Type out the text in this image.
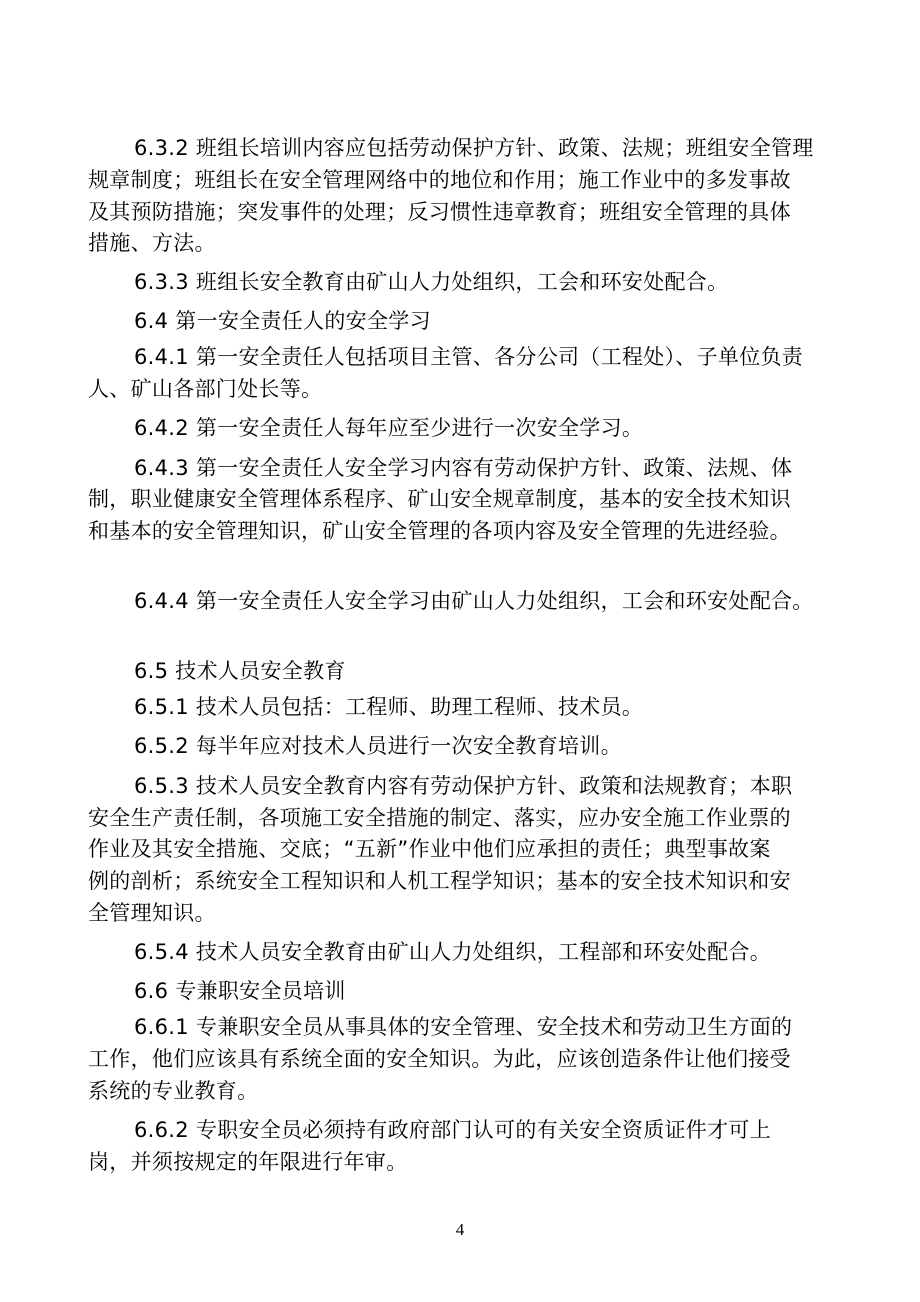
6.3.2 班组长培训内容应包括劳动保护方针、政策、法规；班组安全管理
规章制度；班组长在安全管理网络中的地位和作用；施工作业中的多发事故
及其预防措施；突发事件的处理；反习惯性违章教育；班组安全管理的具体
措施、方法。
6.3.3 班组长安全教育由矿山人力处组织，工会和环安处配合。
6.4 第一安全责任人的安全学习
6.4.1 第一安全责任人包括项目主管、各分公司（工程处）、子单位负责
人、矿山各部门处长等。
6.4.2 第一安全责任人每年应至少进行一次安全学习。
6.4.3 第一安全责任人安全学习内容有劳动保护方针、政策、法规、体
制，职业健康安全管理体系程序、矿山安全规章制度，基本的安全技术知识
和基本的安全管理知识，矿山安全管理的各项内容及安全管理的先进经验。
6.4.4 第一安全责任人安全学习由矿山人力处组织，工会和环安处配合。
6.5 技术人员安全教育
6.5.1 技术人员包括：工程师、助理工程师、技术员。
6.5.2 每半年应对技术人员进行一次安全教育培训。
6.5.3 技术人员安全教育内容有劳动保护方针、政策和法规教育；本职
安全生产责任制，各项施工安全措施的制定、落实，应办安全施工作业票的
作业及其安全措施、交底；“五新”作业中他们应承担的责任；典型事故案
例的剖析；系统安全工程知识和人机工程学知识；基本的安全技术知识和安
全管理知识。
6.5.4 技术人员安全教育由矿山人力处组织，工程部和环安处配合。
6.6 专兼职安全员培训
6.6.1 专兼职安全员从事具体的安全管理、安全技术和劳动卫生方面的
工作，他们应该具有系统全面的安全知识。为此，应该创造条件让他们接受
系统的专业教育。
6.6.2 专职安全员必须持有政府部门认可的有关安全资质证件才可上
岗，并须按规定的年限进行年审。
4
